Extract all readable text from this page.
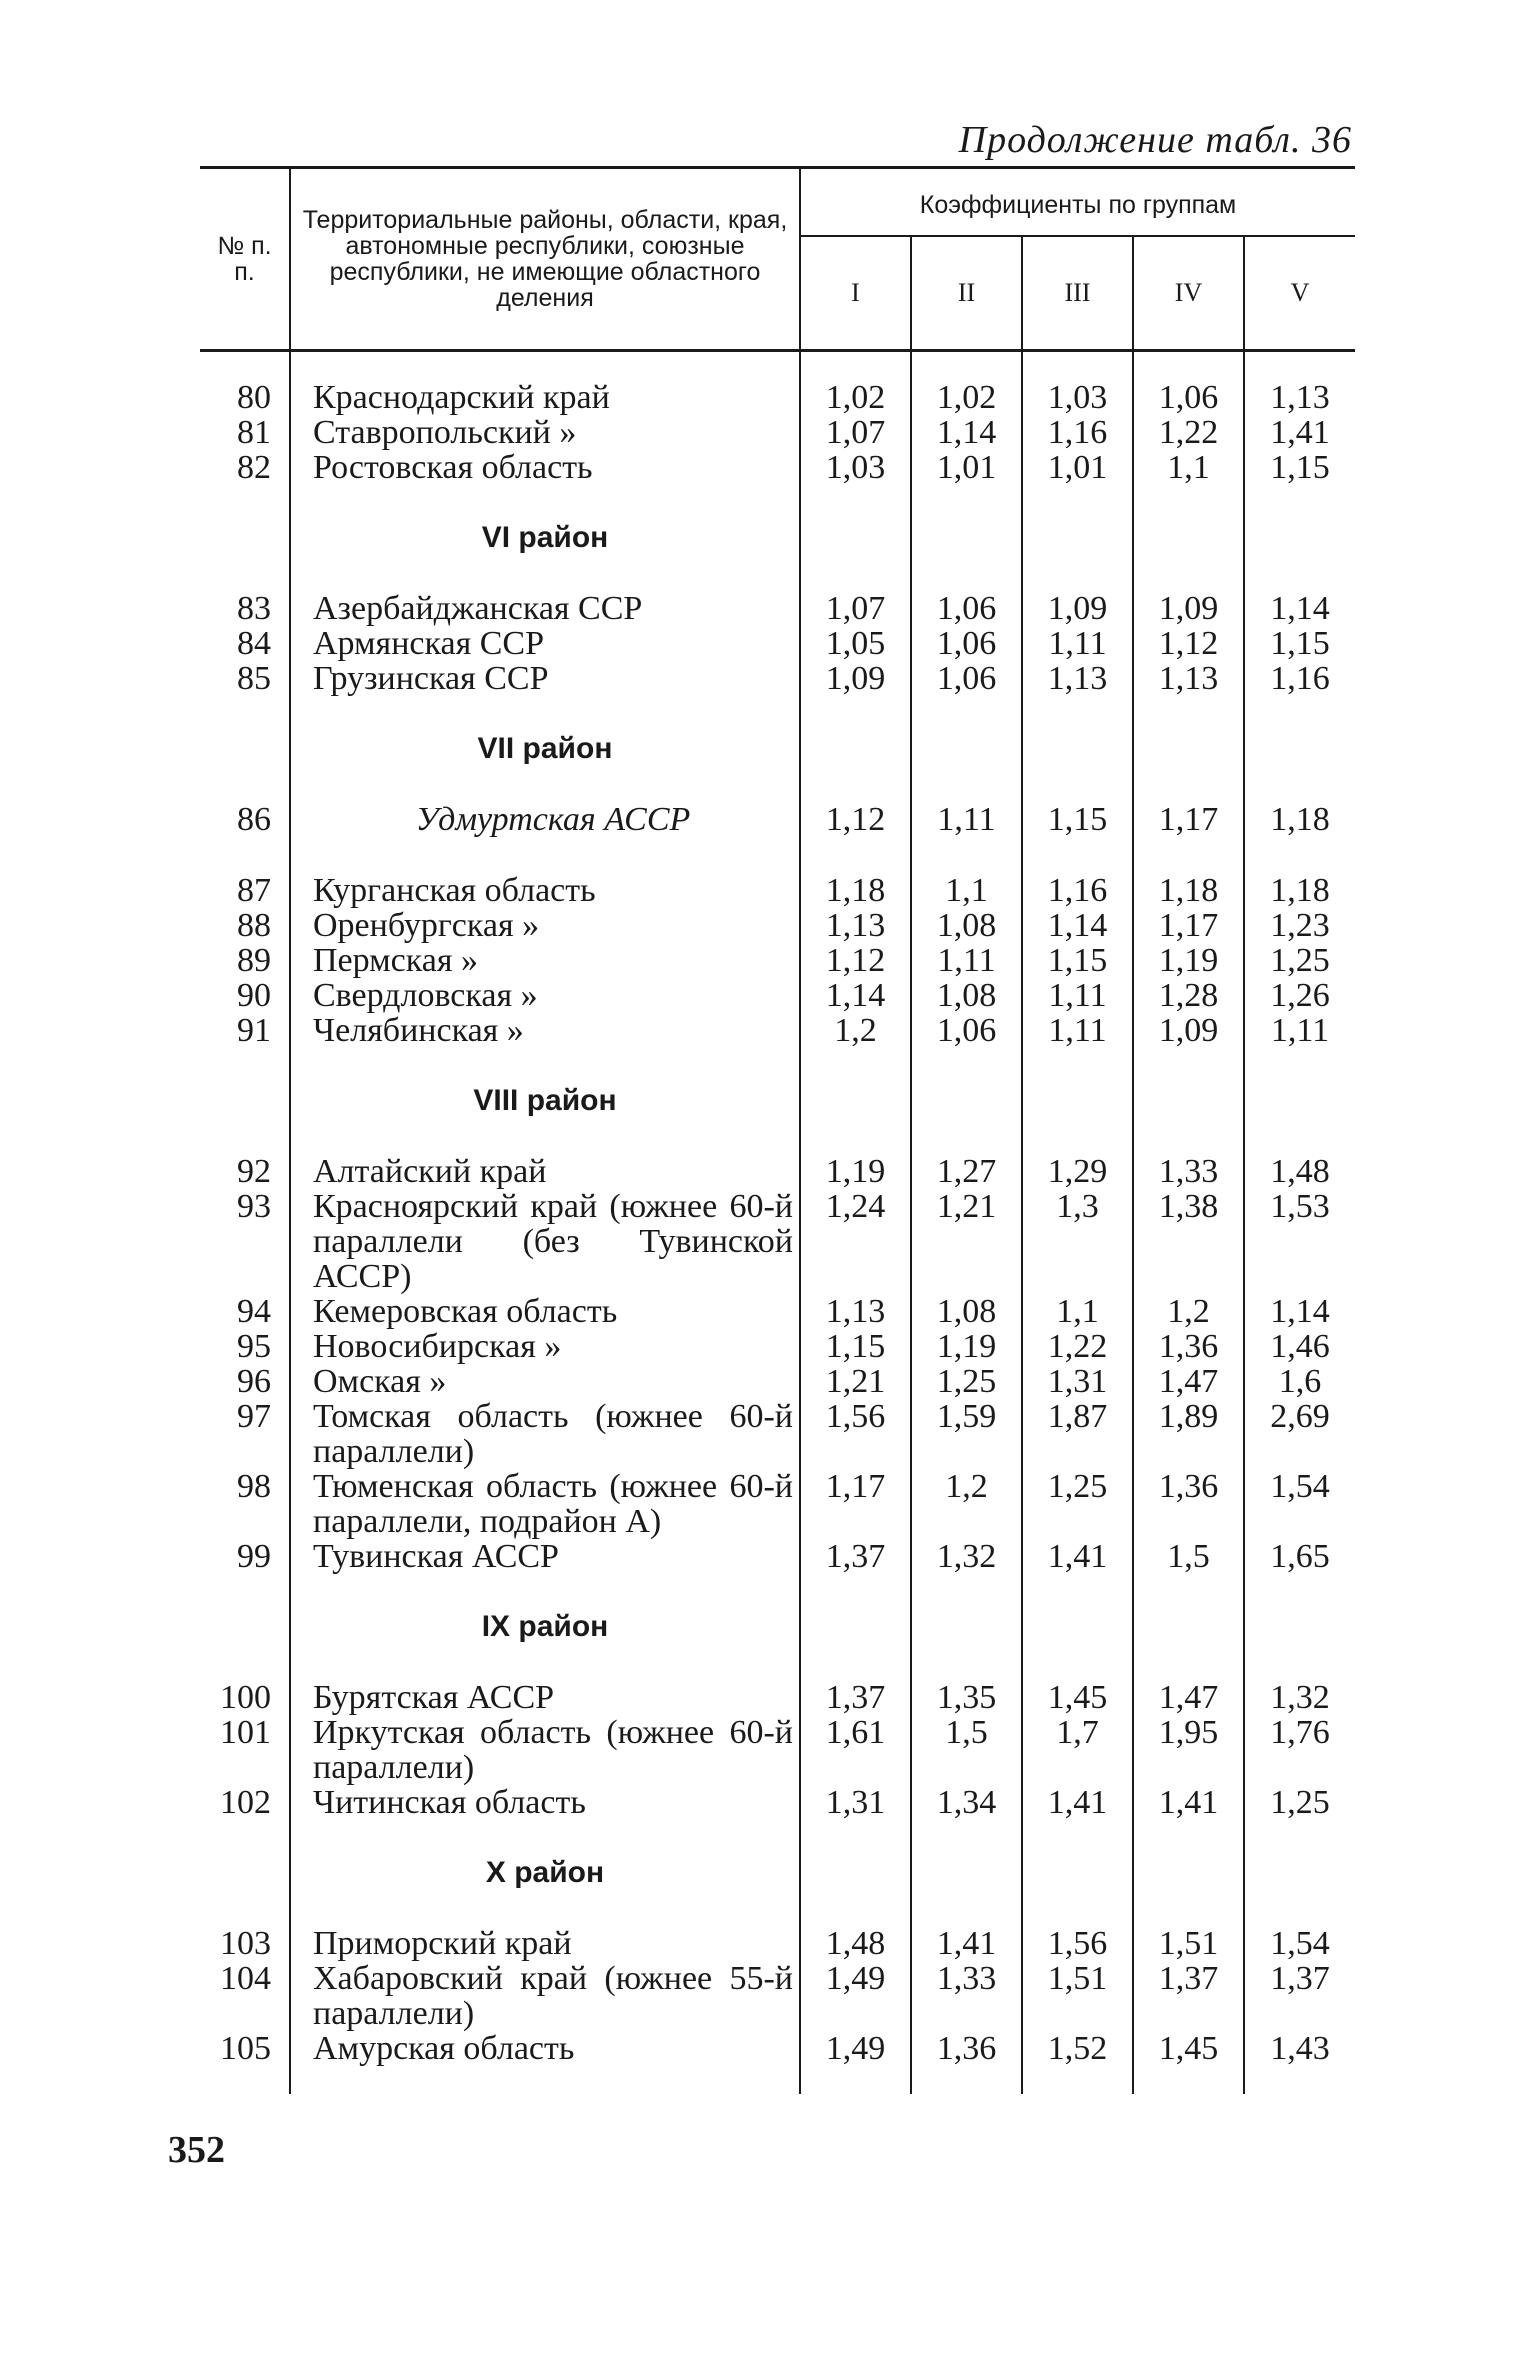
Продолжение табл. 36
№ п. п.	Территориальные районы, области, края, автономные республики, союзные республики, не имеющие областного деления	Коэффициенты по группам				
		I	II	III	IV	V
80	Краснодарский край	1,02	1,02	1,03	1,06	1,13
81	Ставропольский »	1,07	1,14	1,16	1,22	1,41
82	Ростовская область	1,03	1,01	1,01	1,1	1,15
	VI район					
83	Азербайджанская ССР	1,07	1,06	1,09	1,09	1,14
84	Армянская ССР	1,05	1,06	1,11	1,12	1,15
85	Грузинская ССР	1,09	1,06	1,13	1,13	1,16
	VII район					
86	Удмуртская АССР	1,12	1,11	1,15	1,17	1,18

87	Курганская область	1,18	1,1	1,16	1,18	1,18
88	Оренбургская »	1,13	1,08	1,14	1,17	1,23
89	Пермская »	1,12	1,11	1,15	1,19	1,25
90	Свердловская »	1,14	1,08	1,11	1,28	1,26
91	Челябинская »	1,2	1,06	1,11	1,09	1,11
	VIII район					
92	Алтайский край	1,19	1,27	1,29	1,33	1,48
93	Красноярский край (южнее 60-й параллели (без Тувинской АССР)	1,24	1,21	1,3	1,38	1,53
94	Кемеровская область	1,13	1,08	1,1	1,2	1,14
95	Новосибирская »	1,15	1,19	1,22	1,36	1,46
96	Омская »	1,21	1,25	1,31	1,47	1,6
97	Томская область (южнее 60-й параллели)	1,56	1,59	1,87	1,89	2,69
98	Тюменская область (южнее 60-й параллели, подрайон А)	1,17	1,2	1,25	1,36	1,54
99	Тувинская АССР	1,37	1,32	1,41	1,5	1,65
	IX район					
100	Бурятская АССР	1,37	1,35	1,45	1,47	1,32
101	Иркутская область (южнее 60-й параллели)	1,61	1,5	1,7	1,95	1,76
102	Читинская область	1,31	1,34	1,41	1,41	1,25
	X район					
103	Приморский край	1,48	1,41	1,56	1,51	1,54
104	Хабаровский край (южнее 55-й параллели)	1,49	1,33	1,51	1,37	1,37
105	Амурская область	1,49	1,36	1,52	1,45	1,43
352
